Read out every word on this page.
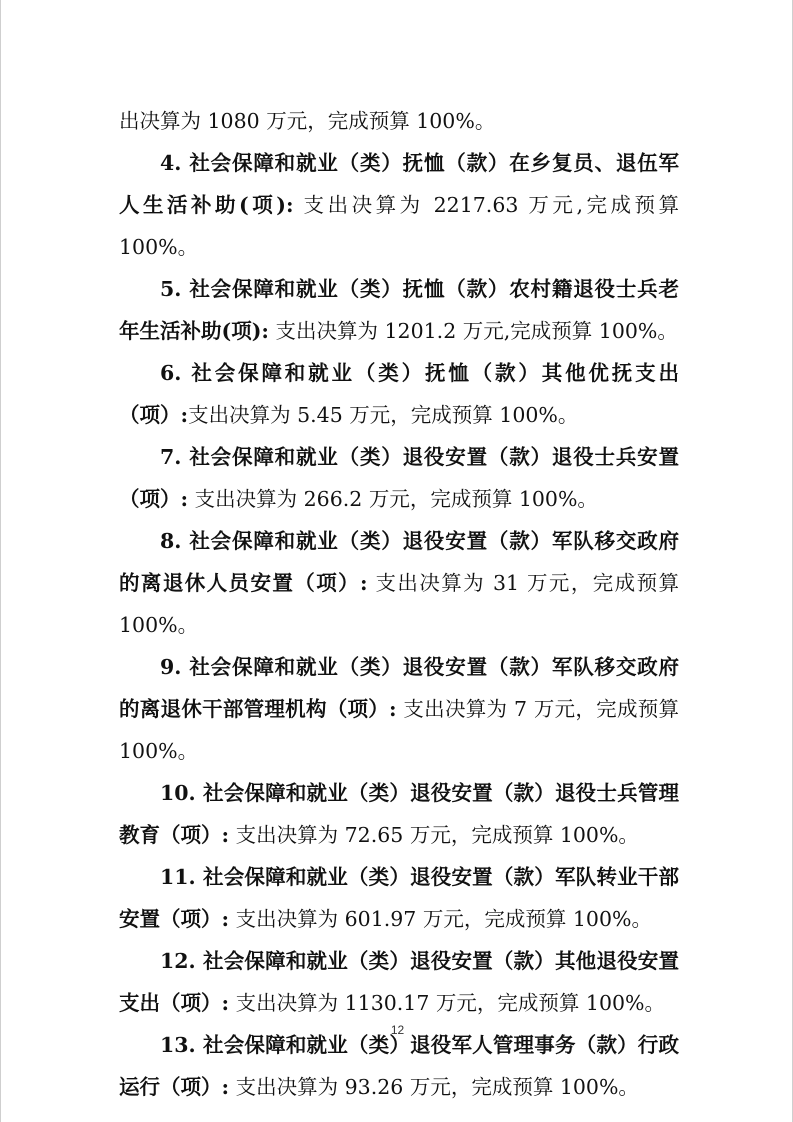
出决算为 1080 万元，完成预算 100%。

4. 社会保障和就业（类）抚恤（款）在乡复员、退伍军人生活补助(项): 支出决算为 2217.63 万元,完成预算 100%。

5. 社会保障和就业（类）抚恤（款）农村籍退役士兵老年生活补助(项): 支出决算为 1201.2 万元,完成预算 100%。

6. 社会保障和就业（类）抚恤（款）其他优抚支出（项）:支出决算为 5.45 万元，完成预算 100%。

7. 社会保障和就业（类）退役安置（款）退役士兵安置（项）: 支出决算为 266.2 万元，完成预算 100%。

8. 社会保障和就业（类）退役安置（款）军队移交政府的离退休人员安置（项）: 支出决算为 31 万元，完成预算 100%。

9. 社会保障和就业（类）退役安置（款）军队移交政府的离退休干部管理机构（项）: 支出决算为 7 万元，完成预算 100%。

10. 社会保障和就业（类）退役安置（款）退役士兵管理教育（项）: 支出决算为 72.65 万元，完成预算 100%。

11. 社会保障和就业（类）退役安置（款）军队转业干部安置（项）: 支出决算为 601.97 万元，完成预算 100%。

12. 社会保障和就业（类）退役安置（款）其他退役安置支出（项）: 支出决算为 1130.17 万元，完成预算 100%。

13. 社会保障和就业（类）退役军人管理事务（款）行政运行（项）: 支出决算为 93.26 万元，完成预算 100%。

12
